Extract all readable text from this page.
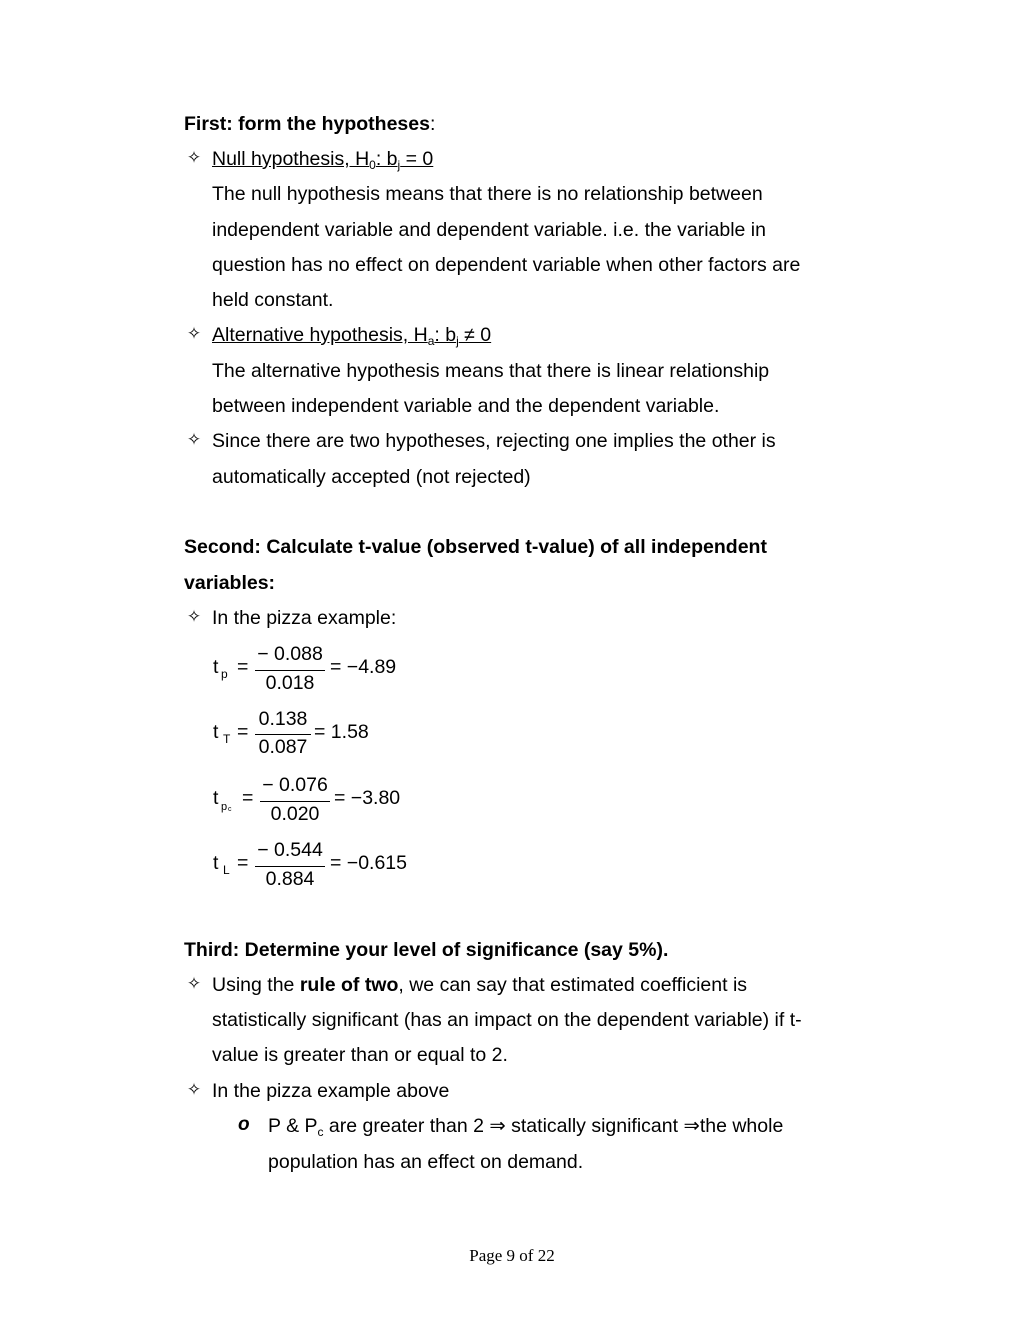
First: form the hypotheses:
✧ Null hypothesis, $H_0$: $b_j = 0$
The null hypothesis means that there is no relationship between
independent variable and dependent variable. i.e. the variable in
question has no effect on dependent variable when other factors are
held constant.
✧ Alternative hypothesis, $H_a$: $b_j \ne 0$
The alternative hypothesis means that there is linear relationship
between independent variable and the dependent variable.
✧ Since there are two hypotheses, rejecting one implies the other is
automatically accepted (not rejected)
Second: Calculate t-value (observed t-value) of all independent
variables:
✧ In the pizza example:
t p =
− 0.088
0.018
= −4.89
t T =
0.138
0.087
= 1.58
t p c
=
− 0.076
0.020
= −3.80
t L =
− 0.544
0.884
= −0.615
Third: Determine your level of significance (say 5%).
✧ Using the rule of two, we can say that estimated coefficient is
statistically significant (has an impact on the dependent variable) if t-
value is greater than or equal to 2.
✧ In the pizza example above
o P & $P_c$ are greater than 2 ⇒ statically significant ⇒the whole
population has an effect on demand.
Page 9 of 22
